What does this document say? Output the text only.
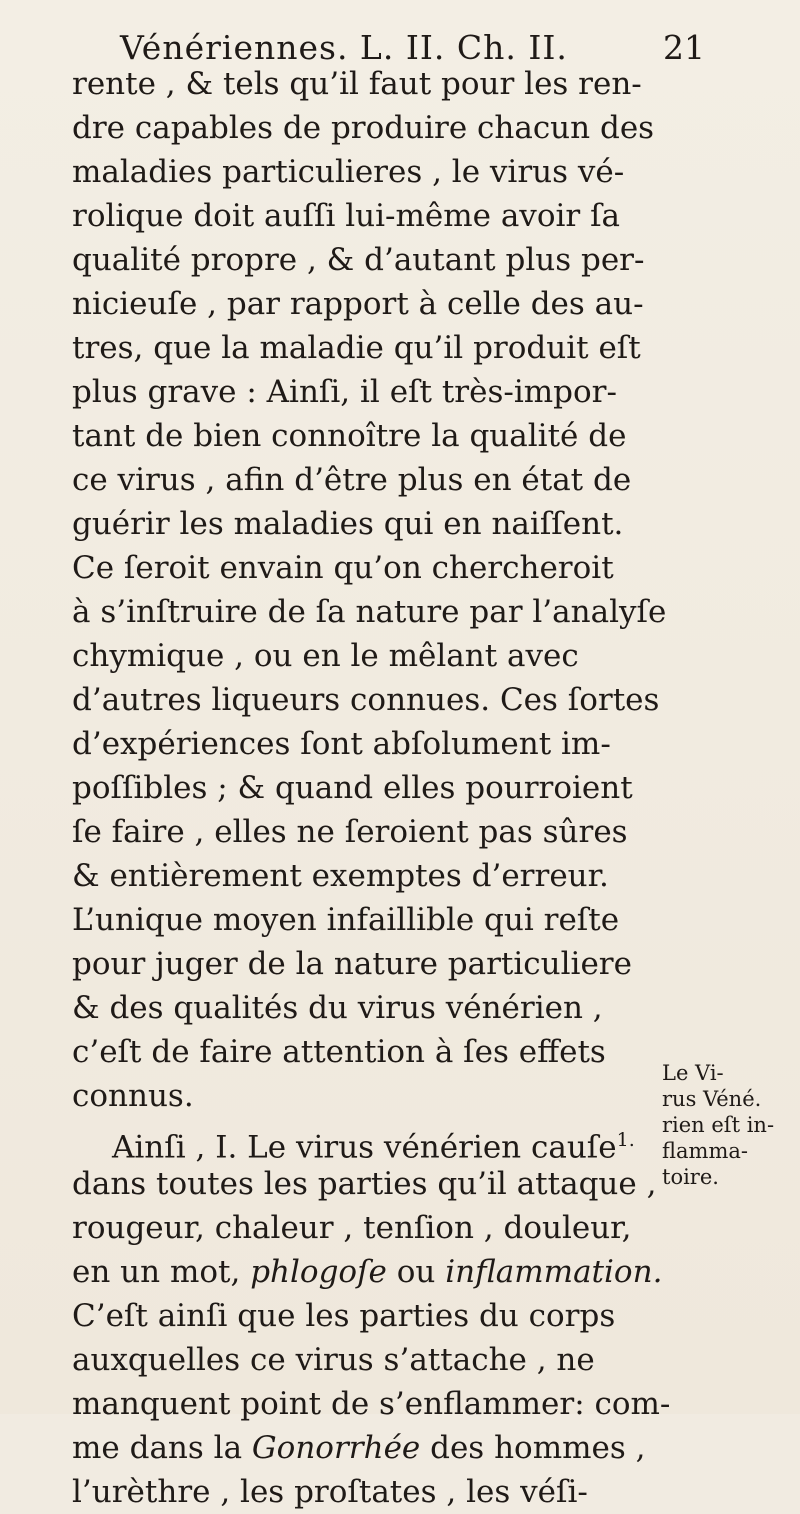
Vénériennes. L. II. Ch. II.	21
rente , & tels qu’il faut pour les ren-
dre capables de produire chacun des
maladies particulieres , le virus vé-
rolique doit auſſi lui-même avoir ſa
qualité propre , & d’autant plus per-
nicieuſe , par rapport à celle des au-
tres, que la maladie qu’il produit eſt
plus grave : Ainſi, il eſt très-impor-
tant de bien connoître la qualité de
ce virus , afin d’être plus en état de
guérir les maladies qui en naiſſent.
Ce ſeroit envain qu’on chercheroit
à s’inſtruire de ſa nature par l’analyſe
chymique , ou en le mêlant avec
d’autres liqueurs connues. Ces ſortes
d’expériences ſont abſolument im-
poſſibles ; & quand elles pourroient
ſe faire , elles ne ſeroient pas sûres
& entièrement exemptes d’erreur.
L’unique moyen infaillible qui reſte
pour juger de la nature particuliere
& des qualités du virus vénérien ,
c’eſt de faire attention à ſes effets
connus.
Ainſi , I. Le virus vénérien cauſe$^{1.}$
dans toutes les parties qu’il attaque ,
rougeur, chaleur , tenſion , douleur,
en un mot, phlogoſe ou inflammation.
C’eſt ainſi que les parties du corps
auxquelles ce virus s’attache , ne
manquent point de s’enflammer: com-
me dans la Gonorrhée des hommes ,
l’urèthre , les proſtates , les véſi-
Le Vi-
rus Véné.
rien eſt in-
flamma-
toire.
